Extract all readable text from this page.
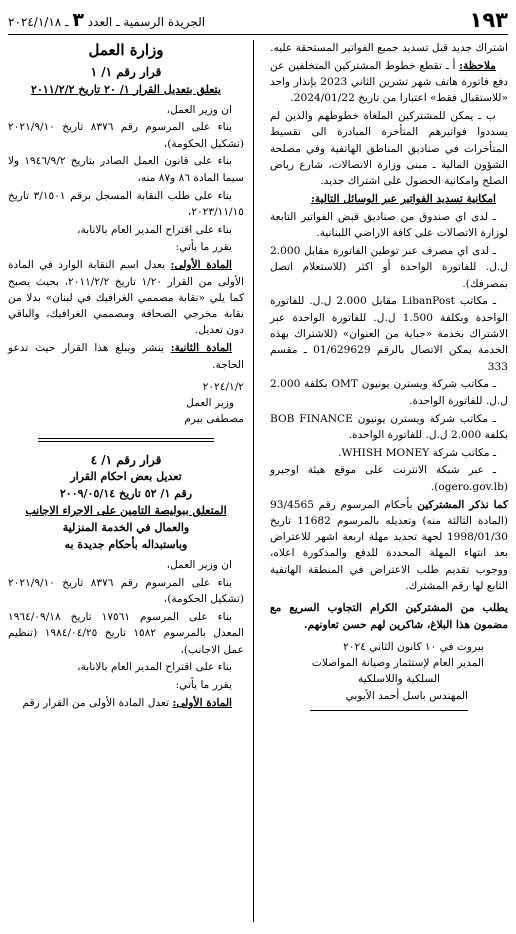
١٩٣
الجريدة الرسمية ـ العدد ٣ ـ ٢٠٢٤/١/١٨

اشتراك جديد قبل تسديد جميع الفواتير المستحقة عليه.

ملاحظة: أ ـ تقطع خطوط المشتركين المتخلفين عن دفع فاتورة هاتف شهر تشرين الثاني 2023 بإنذار واحد «للاستقبال فقط» اعتبارا من تاريخ 2024/01/22.

ب ـ يمكن للمشتركين الملغاة خطوطهم والذين لم يسددوا فواتيرهم المتأخرة المبادرة الى تقسيط المتأخرات في صناديق المناطق الهاتفية وفي مصلحة الشؤون المالية ـ مبنى وزارة الاتصالات، شارع رياض الصلح وامكانية الحصول على اشتراك جديد.

امكانية تسديد الفواتير عبر الوسائل التالية:

ـ لدى اي صندوق من صناديق قبض الفواتير التابعة لوزارة الاتصالات على كافة الاراضي اللبنانية.

ـ لدى اي مصرف عبر توطين الفاتورة مقابل 2.000 ل.ل. للفاتورة الواحدة أو اكثر (للاستعلام اتصل بمصرفك).

ـ مكاتب LibanPost مقابل 2.000 ل.ل. للفاتورة الواحدة وبكلفة 1.500 ل.ل. للفاتورة الواحدة عبر الاشتراك بخدمة «جباية من العنوان» (للاشتراك بهذه الخدمة يمكن الاتصال بالرقم 01/629629 ـ مقسم 333

ـ مكاتب شركة ويسترن يونيون OMT بكلفة 2.000 ل.ل. للفاتورة الواحدة.

ـ مكاتب شركة ويسترن يونيون BOB FINANCE بكلفة 2.000 ل.ل. للفاتورة الواحدة.

ـ مكاتب شركة WHISH MONEY.

ـ عبر شبكة الانترنت على موقع هيئة اوجيرو (ogero.gov.lb).

كما نذكر المشتركين بأحكام المرسوم رقم 93/4565 (المادة الثالثة منه) وتعديله بالمرسوم 11682 تاريخ 1998/01/30 لجهة تحديد مهلة اربعة اشهر للاعتراض بعد انتهاء المهلة المحددة للدفع والمذكورة اعلاه، ووجوب تقديم طلب الاعتراض في المنطقة الهاتفية التابع لها رقم المشترك.

يطلب من المشتركين الكرام التجاوب السريع مع مضمون هذا البلاغ، شاكرين لهم حسن تعاونهم.

بيروت في ١٠ كانون الثاني ٢٠٢٤

المدير العام لإستثمار وصيانة المواصلات

السلكية واللاسلكية

المهندس باسل أحمد الأيوبي

وزارة العمل
قرار رقم ١/ ١
يتعلق بتعديل القرار ١/ ٢٠ تاريخ ٢٠١١/٢/٢

ان وزير العمل،

بناء على المرسوم رقم ٨٣٧٦ تاريخ ٢٠٢١/٩/١٠ (تشكيل الحكومة)،

بناء على قانون العمل الصادر بتاريخ ١٩٤٦/٩/٢ ولا سيما المادة ٨٦ و٨٧ منه،

بناء على طلب النقابة المسجل برقم ٣/١٥٠١ تاريخ ٢٠٢٣/١١/١٥،

بناء على اقتراح المدير العام بالانابة،

يقرر ما يأتي:

المادة الأولى: يعدل اسم النقابة الوارد في المادة الأولى من القرار ١/٢٠ تاريخ ٢٠١١/٢/٢، بحيث يصبح كما يلي «نقابة مصممي الغرافيك في لبنان» بدلا من نقابة مخرجي الصحافة ومصممي الغرافيك، والباقي دون تعديل.

المادة الثانية: ينشر ويبلغ هذا القرار حيث تدعو الحاجة.

٢٠٢٤/١/٢

وزير العمل

مصطفى بيرم

قرار رقم ١/ ٤
تعديل بعض احكام القرار
رقم ١/ ٥٢ تاريخ ٢٠٠٩/٠٥/١٤
المتعلق ببوليصة التامين على الاجراء الاجانب
والعمال في الخدمة المنزلية
وباستبداله بأحكام جديدة به

ان وزير العمل،

بناء على المرسوم رقم ٨٣٧٦ تاريخ ٢٠٢١/٩/١٠ (تشكيل الحكومة)،

بناء على المرسوم ١٧٥٦١ تاريخ ١٩٦٤/٠٩/١٨ المعدل بالمرسوم ١٥٨٢ تاريخ ١٩٨٤/٠٤/٢٥ (تنظيم عمل الاجانب)،

بناء على اقتراح المدير العام بالانابة،

يقرر ما يأتي:

المادة الأولى: تعدل المادة الأولى من القرار رقم
